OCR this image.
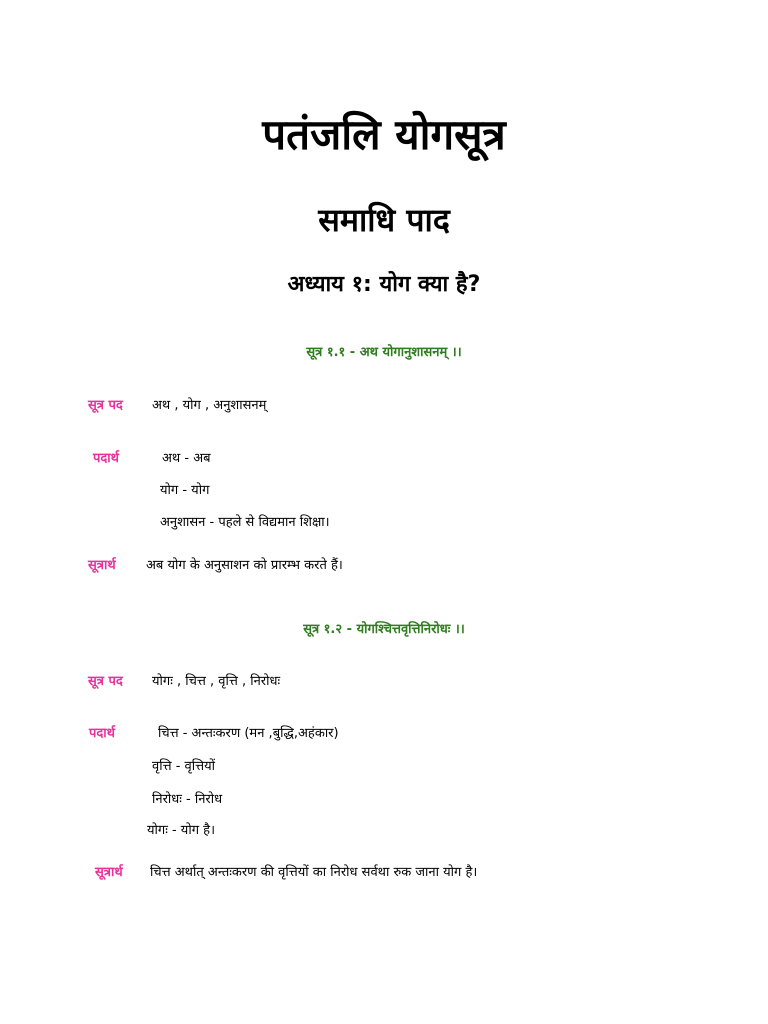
पतंजलि योगसूत्र
समाधि पाद
अध्याय १: योग क्या है?
सूत्र १.१ - अथ योगानुशासनम् ।।
सूत्र पद अथ , योग , अनुशासनम्
पदार्थ	अथ - अब
योग - योग
अनुशासन - पहले से विद्यमान शिक्षा।
सूत्रार्थ अब योग के अनुसाशन को प्रारम्भ करते हैं।
सूत्र १.२ - योगश्चित्तवृत्तिनिरोधः ।।
सूत्र पद योगः , चित्त , वृत्ति , निरोधः
पदार्थ	चित्त - अन्तःकरण (मन ,बुद्धि,अहंकार)
वृत्ति - वृत्तियों
निरोधः - निरोध
योगः - योग है।
सूत्रार्थ चित्त अर्थात् अन्तःकरण की वृत्तियों का निरोध सर्वथा रुक जाना योग है।
